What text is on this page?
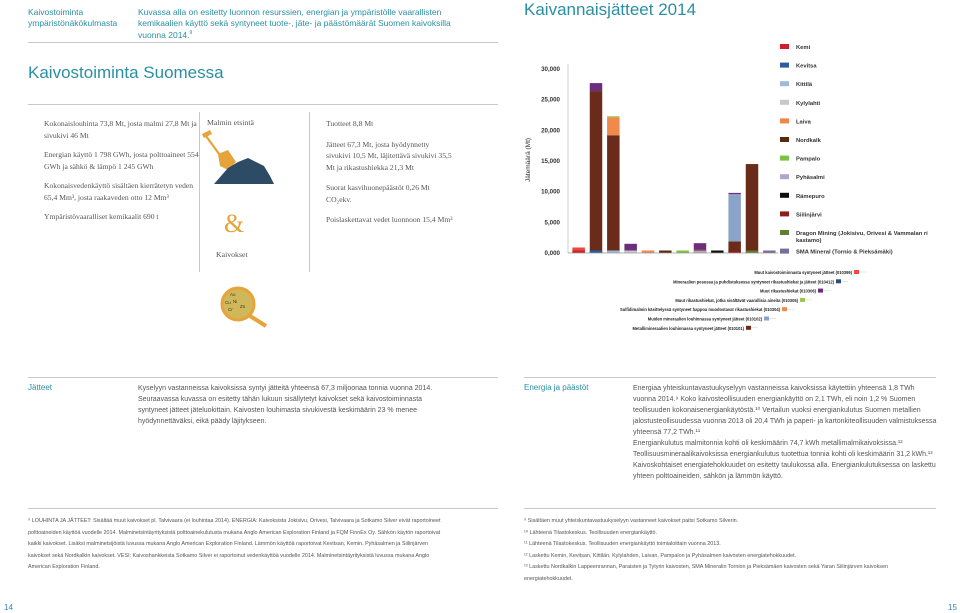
Kaivostoiminta
ympäristönäkökulmasta
Kuvassa alla on esitetty luonnon resurssien, energian ja ympäristölle vaarallisten kemikaalien käyttö sekä syntyneet tuote-, jäte- ja päästömäärät Suomen kaivoksilla vuonna 2014.$^9$
Kaivannaisjätteet 2014
Kaivostoiminta Suomessa

Kokonaislouhinta 73,8 Mt, josta malmi 27,8 Mt ja sivukivi 46 Mt

Energian käyttö 1 798 GWh, josta polttoaineet 554 GWh ja sähkö & lämpö 1 245 GWh

Kokonaisvedenkäyttö sisältäen kierrätetyn veden 65,4 Mm³, josta raakaveden otto 12 Mm³

Ympäristövaaralliset kemikaalit 690 t

Malmin etsintä
&
Au
Cu Ni
Cr
Zn
Kaivokset

Tuotteet 8,8 Mt

Jätteet 67,3 Mt, josta hyödynnetty sivukivi 10,5 Mt, läjitettävä sivukivi 35,5 Mt ja rikastushiekka 21,3 Mt

Suorat kasvihuonepäästöt 0,26 Mt CO₂ekv.

Poislaskettavat vedet luonnoon 15,4 Mm³

0,000
5,000
10,000
15,000
20,000
25,000
30,000
Jätemäärä (Mt)
Kemi
Kevitsa
Kittilä
Kylylahti
Laiva
Nordkalk
Pampalo
Pyhäsalmi
Rämepuro
Siilinjärvi
Dragon Mining (Jokisivu, Orivesi & Vammalan ri
kastamo)
SMA Mineral (Tornio & Pieksämäki)
Muut kaivostoiminnasta syntyneet jätteet (010399)
Mineraalien pesussa ja puhdistuksessa syntyneet rikastushiekat ja jätteet (010412)
Muut rikastushiekat (010306)
Muut rikastushiekat, jotka sisältävät vaarallisia aineita (010305)
Sulfidimalmin käsittelyssä syntyneet happoa muodostavat rikastushiekat (010304)
Muiden mineraalien louhinnassa syntyneet jätteet (010102)
Metallimineraalien louhinnassa syntyneet jätteet (010101)
Jätteet	Kyselyyn vastanneissa kaivoksissa syntyi jätteitä yhteensä 67,3 miljoonaa tonnia vuonna 2014. Seuraavassa kuvassa on esitetty tähän lukuun sisällytetyt kaivokset sekä kaivostoiminnasta syntyneet jätteet jäteluokittain. Kaivosten louhimasta sivukivestä keskimäärin 23 % menee hyödynnettäväksi, eikä päädy läjitykseen.
Energia ja päästöt	Energiaa yhteiskuntavastuukyselyyn vastanneissa kaivoksissa käytettiin yhteensä 1,8 TWh vuonna 2014.⁹ Koko kaivosteollisuuden energiankäyttö on 2,1 TWh, eli noin 1,2 % Suomen teollisuuden kokonaisenergiankäytöstä.¹⁰ Vertailun vuoksi energiankulutus Suomen metallien jalostusteollisuudessa vuonna 2013 oli 20,4 TWh ja paperi- ja kartonkiteollisuuden valmistuksessa yhteensä 77,2 TWh.¹¹
Energiankulutus malmitonnia kohti oli keskimäärin 74,7 kWh metallimalmikaivoksissa.¹² Teollisuusmineraalikaivoksissa energiankulutus tuotettua tonnia kohti oli keskimäärin 31,2 kWh.¹³ Kaivoskohtaiset energiatehokkuudet on esitetty taulukossa alla. Energiankulutuksessa on laskettu yhteen polttoaineiden, sähkön ja lämmön käyttö.
⁹ LOUHINTA JA JÄTTEET: Sisältää muut kaivokset pl. Talvivaara (ei louhintaa 2014). ENERGIA: Kaivoksista Jokisivu, Orivesi, Talvivaara ja Sotkamo Silver eivät raportoineet polttoaineiden käyttöä vuodelle 2014. Malminetsintäyrityksistä polttoainekulutusta mukana Anglo American Exploration Finland ja FQM FinnEx Oy. Sähkön käytön raportoivat kaikki kaivokset. Lisäksi malminetsijöistä luvussa mukana Anglo American Exploration Finland. Lämmön käyttöä raportoivat Kevitsan, Kemin, Pyhäsalmen ja Siilinjärven kaivokset sekä Nordkalkin kaivokset. VESI: Kaivoshankkeista Sotkamo Silver ei raportoinut vedenkäyttöä vuodelle 2014. Malminetsintäyrityksistä luvussa mukana Anglo American Exploration Finland.
⁹ Sisältäen muut yhteiskuntavastuukyselyyn vastanneet kaivokset paitsi Sotkamo Silverin.
¹⁰ Lähteenä Tilastokeskus. Teollisuuden energiankäyttö.
¹¹ Lähteenä Tilastokeskus. Teollisuuden energiankäyttö toimialoittain vuonna 2013.
¹² Laskettu Kemin, Kevitsan, Kittilän, Kylylahden, Laivan, Pampalon ja Pyhäsalmen kaivosten energiatehokkuudet.
¹³ Laskettu Nordkalkin Lappeenrannan, Paraisten ja Tytyrin kaivosten, SMA Mineralin Tornion ja Pieksämäen kaivosten sekä Yaran Siilinjärven kaivoksen energiatehokkuudet.
14	15
